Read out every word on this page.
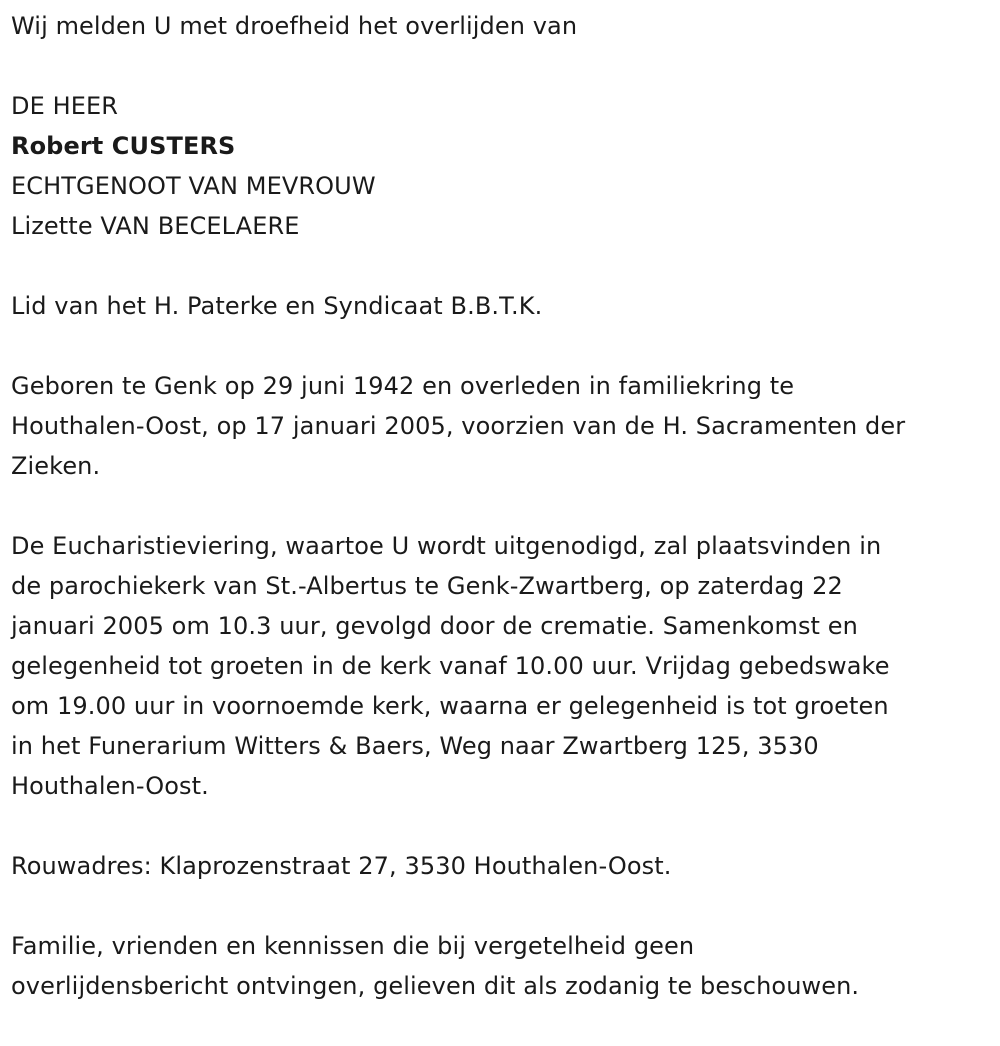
Wij melden U met droefheid het overlijden van

DE HEER

Robert CUSTERS

ECHTGENOOT VAN MEVROUW

Lizette VAN BECELAERE

Lid van het H. Paterke en Syndicaat B.B.T.K.

Geboren te Genk op 29 juni 1942 en overleden in familiekring te

Houthalen-Oost, op 17 januari 2005, voorzien van de H. Sacramenten der

Zieken.

De Eucharistieviering, waartoe U wordt uitgenodigd, zal plaatsvinden in

de parochiekerk van St.-Albertus te Genk-Zwartberg, op zaterdag 22

januari 2005 om 10.3 uur, gevolgd door de crematie. Samenkomst en

gelegenheid tot groeten in de kerk vanaf 10.00 uur. Vrijdag gebedswake

om 19.00 uur in voornoemde kerk, waarna er gelegenheid is tot groeten

in het Funerarium Witters & Baers, Weg naar Zwartberg 125, 3530

Houthalen-Oost.

Rouwadres: Klaprozenstraat 27, 3530 Houthalen-Oost.

Familie, vrienden en kennissen die bij vergetelheid geen

overlijdensbericht ontvingen, gelieven dit als zodanig te beschouwen.
